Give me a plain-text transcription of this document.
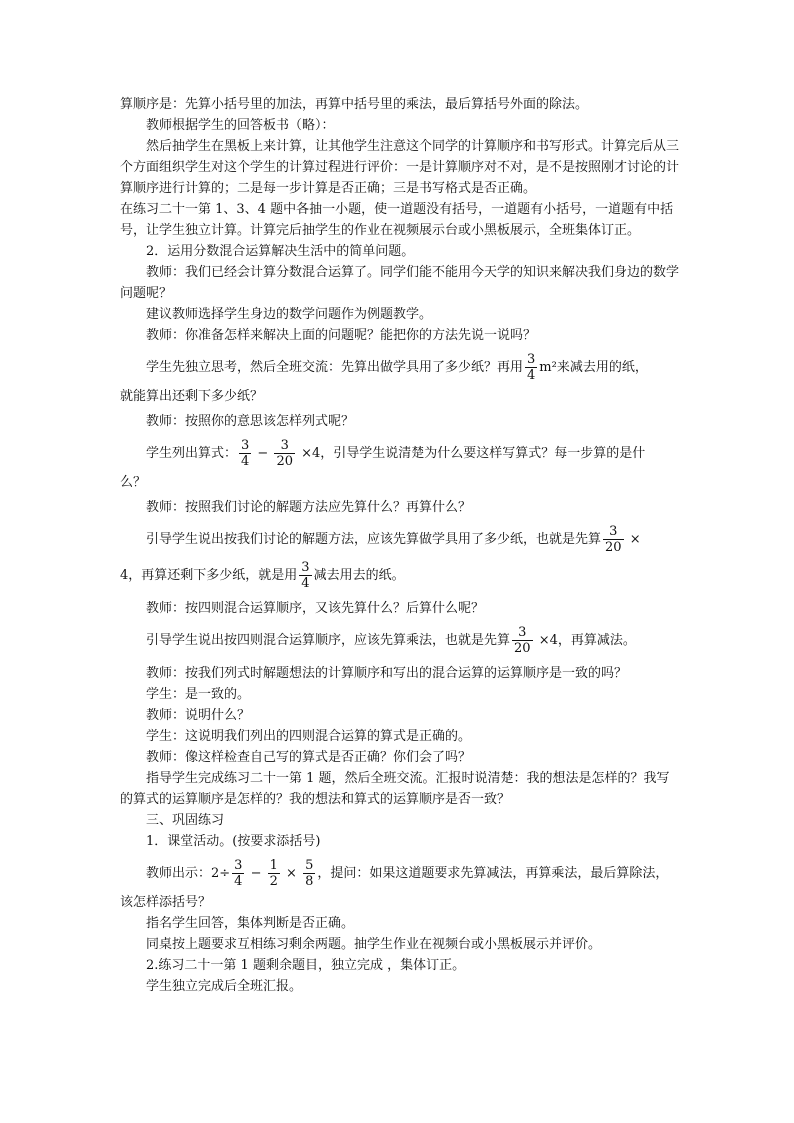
算顺序是：先算小括号里的加法，再算中括号里的乘法，最后算括号外面的除法。

教师根据学生的回答板书（略）：

然后抽学生在黑板上来计算，让其他学生注意这个同学的计算顺序和书写形式。计算完后从三个方面组织学生对这个学生的计算过程进行评价：一是计算顺序对不对，是不是按照刚才讨论的计算顺序进行计算的；二是每一步计算是否正确；三是书写格式是否正确。

在练习二十一第 1、3、4 题中各抽一小题，使一道题没有括号，一道题有小括号，一道题有中括号，让学生独立计算。计算完后抽学生的作业在视频展示台或小黑板展示，全班集体订正。

2．运用分数混合运算解决生活中的简单问题。

教师：我们已经会计算分数混合运算了。同学们能不能用今天学的知识来解决我们身边的数学问题呢？

建议教师选择学生身边的数学问题作为例题教学。

教师：你准备怎样来解决上面的问题呢？能把你的方法先说一说吗？

学生先独立思考，然后全班交流：先算出做学具用了多少纸？再用 $\frac{3}{4} m^2$来减去用的纸，

就能算出还剩下多少纸？

教师：按照你的意思该怎样列式呢？

学生列出算式： $\frac{3}{4} - \frac{3}{20} \times 4$，引导学生说清楚为什么要这样写算式？每一步算的是什

么？

教师：按照我们讨论的解题方法应先算什么？再算什么？

引导学生说出按我们讨论的解题方法，应该先算做学具用了多少纸，也就是先算 $\frac{3}{20}$ ×

4，再算还剩下多少纸，就是用 $\frac{3}{4}$ 减去用去的纸。

教师：按四则混合运算顺序，又该先算什么？后算什么呢？

引导学生说出按四则混合运算顺序，应该先算乘法，也就是先算 $\frac{3}{20} \times 4$，再算减法。

教师：按我们列式时解题想法的计算顺序和写出的混合运算的运算顺序是一致的吗？

学生：是一致的。

教师：说明什么？

学生：这说明我们列出的四则混合运算的算式是正确的。

教师：像这样检查自己写的算式是否正确？你们会了吗？

指导学生完成练习二十一第 1 题，然后全班交流。汇报时说清楚：我的想法是怎样的？我写的算式的运算顺序是怎样的？我的想法和算式的运算顺序是否一致？

三、巩固练习

1．课堂活动。(按要求添括号)

教师出示：$2\div \frac{3}{4} - \frac{1}{2} \times \frac{5}{8}$ ，提问：如果这道题要求先算减法，再算乘法，最后算除法，

该怎样添括号？

指名学生回答，集体判断是否正确。

同桌按上题要求互相练习剩余两题。抽学生作业在视频台或小黑板展示并评价。

2.练习二十一第 1 题剩余题目，独立完成 ，集体订正。

学生独立完成后全班汇报。
